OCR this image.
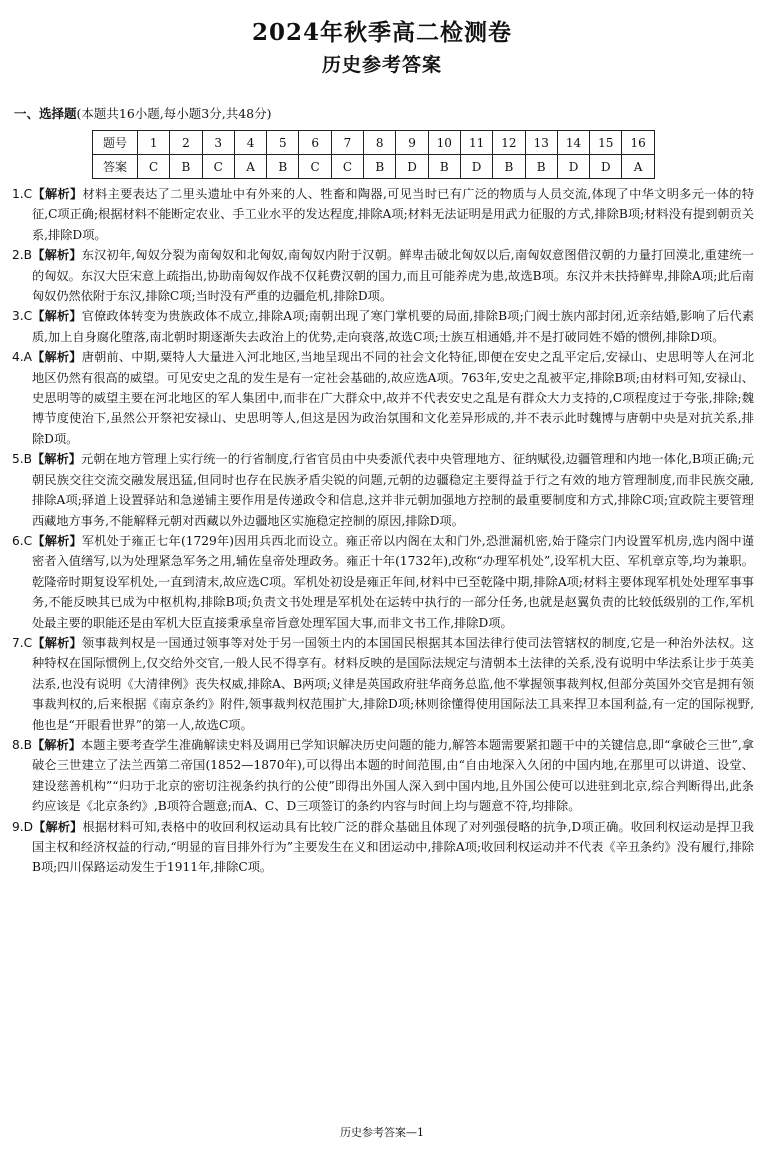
2024年秋季高二检测卷
历史参考答案
一、选择题(本题共16小题,每小题3分,共48分)
题号	1	2	3	4	5	6	7	8	9	10	11	12	13	14	15	16
答案	C	B	C	A	B	C	C	B	D	B	D	B	B	D	D	A

1.C【解析】材料主要表达了二里头遗址中有外来的人、牲畜和陶器,可见当时已有广泛的物质与人员交流,体现了中华文明多元一体的特征,C项正确;根据材料不能断定农业、手工业水平的发达程度,排除A项;材料无法证明是用武力征服的方式,排除B项;材料没有提到朝贡关系,排除D项。

2.B【解析】东汉初年,匈奴分裂为南匈奴和北匈奴,南匈奴内附于汉朝。鲜卑击破北匈奴以后,南匈奴意图借汉朝的力量打回漠北,重建统一的匈奴。东汉大臣宋意上疏指出,协助南匈奴作战不仅耗费汉朝的国力,而且可能养虎为患,故选B项。东汉并未扶持鲜卑,排除A项;此后南匈奴仍然依附于东汉,排除C项;当时没有严重的边疆危机,排除D项。

3.C【解析】官僚政体转变为贵族政体不成立,排除A项;南朝出现了寒门掌机要的局面,排除B项;门阀士族内部封闭,近亲结婚,影响了后代素质,加上自身腐化堕落,南北朝时期逐渐失去政治上的优势,走向衰落,故选C项;士族互相通婚,并不是打破同姓不婚的惯例,排除D项。

4.A【解析】唐朝前、中期,粟特人大量进入河北地区,当地呈现出不同的社会文化特征,即便在安史之乱平定后,安禄山、史思明等人在河北地区仍然有很高的威望。可见安史之乱的发生是有一定社会基础的,故应选A项。763年,安史之乱被平定,排除B项;由材料可知,安禄山、史思明等的威望主要在河北地区的军人集团中,而非在广大群众中,故并不代表安史之乱是有群众大力支持的,C项程度过于夸张,排除;魏博节度使治下,虽然公开祭祀安禄山、史思明等人,但这是因为政治氛围和文化差异形成的,并不表示此时魏博与唐朝中央是对抗关系,排除D项。

5.B【解析】元朝在地方管理上实行统一的行省制度,行省官员由中央委派代表中央管理地方、征纳赋役,边疆管理和内地一体化,B项正确;元朝民族交往交流交融发展迅猛,但同时也存在民族矛盾尖锐的问题,元朝的边疆稳定主要得益于行之有效的地方管理制度,而非民族交融,排除A项;驿道上设置驿站和急递铺主要作用是传递政令和信息,这并非元朝加强地方控制的最重要制度和方式,排除C项;宣政院主要管理西藏地方事务,不能解释元朝对西藏以外边疆地区实施稳定控制的原因,排除D项。

6.C【解析】军机处于雍正七年(1729年)因用兵西北而设立。雍正帝以内阁在太和门外,恐泄漏机密,始于隆宗门内设置军机房,选内阁中谨密者入值缮写,以为处理紧急军务之用,辅佐皇帝处理政务。雍正十年(1732年),改称“办理军机处”,设军机大臣、军机章京等,均为兼职。乾隆帝时期复设军机处,一直到清末,故应选C项。军机处初设是雍正年间,材料中已至乾隆中期,排除A项;材料主要体现军机处处理军事事务,不能反映其已成为中枢机构,排除B项;负责文书处理是军机处在运转中执行的一部分任务,也就是赵翼负责的比较低级别的工作,军机处最主要的职能还是由军机大臣直接秉承皇帝旨意处理军国大事,而非文书工作,排除D项。

7.C【解析】领事裁判权是一国通过领事等对处于另一国领土内的本国国民根据其本国法律行使司法管辖权的制度,它是一种治外法权。这种特权在国际惯例上,仅交给外交官,一般人民不得享有。材料反映的是国际法规定与清朝本土法律的关系,没有说明中华法系让步于英美法系,也没有说明《大清律例》丧失权威,排除A、B两项;义律是英国政府驻华商务总监,他不掌握领事裁判权,但部分英国外交官是拥有领事裁判权的,后来根据《南京条约》附件,领事裁判权范围扩大,排除D项;林则徐懂得使用国际法工具来捍卫本国利益,有一定的国际视野,他也是“开眼看世界”的第一人,故选C项。

8.B【解析】本题主要考查学生准确解读史料及调用已学知识解决历史问题的能力,解答本题需要紧扣题干中的关键信息,即“拿破仑三世”,拿破仑三世建立了法兰西第二帝国(1852—1870年),可以得出本题的时间范围,由“自由地深入久闭的中国内地,在那里可以讲道、设堂、建设慈善机构”“归功于北京的密切注视条约执行的公使”即得出外国人深入到中国内地,且外国公使可以进驻到北京,综合判断得出,此条约应该是《北京条约》,B项符合题意;而A、C、D三项签订的条约内容与时间上均与题意不符,均排除。

9.D【解析】根据材料可知,表格中的收回利权运动具有比较广泛的群众基础且体现了对列强侵略的抗争,D项正确。收回利权运动是捍卫我国主权和经济权益的行动,“明显的盲目排外行为”主要发生在义和团运动中,排除A项;收回利权运动并不代表《辛丑条约》没有履行,排除B项;四川保路运动发生于1911年,排除C项。

历史参考答案—1
